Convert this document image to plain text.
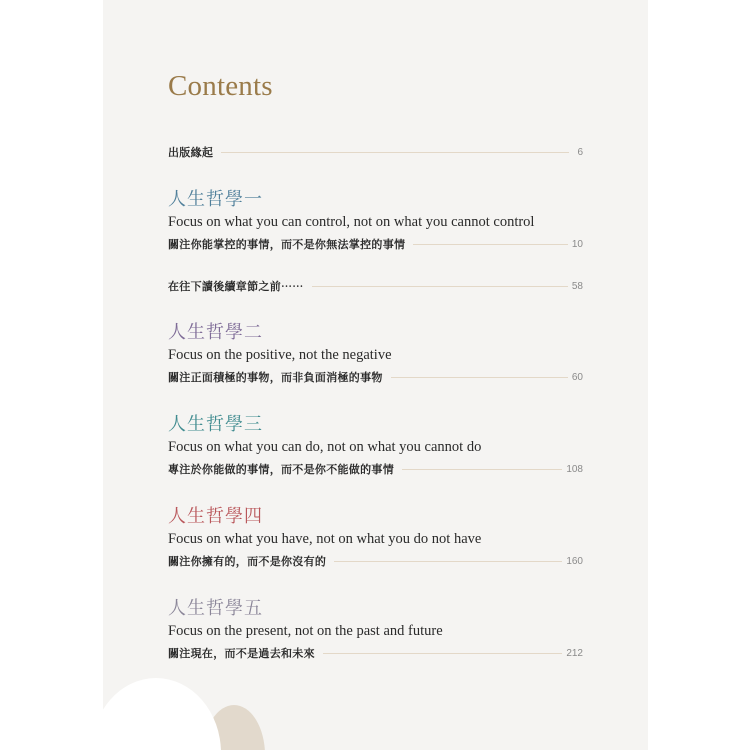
Contents
出版緣起	6
人生哲學一

Focus on what you can control, not on what you cannot control

關注你能掌控的事情，而不是你無法掌控的事情	10
在往下讀後續章節之前⋯⋯	58
人生哲學二

Focus on the positive, not the negative

關注正面積極的事物，而非負面消極的事物	60
人生哲學三

Focus on what you can do, not on what you cannot do

專注於你能做的事情，而不是你不能做的事情	108
人生哲學四

Focus on what you have, not on what you do not have

關注你擁有的，而不是你沒有的	160
人生哲學五

Focus on the present, not on the past and future

關注現在，而不是過去和未來	212
